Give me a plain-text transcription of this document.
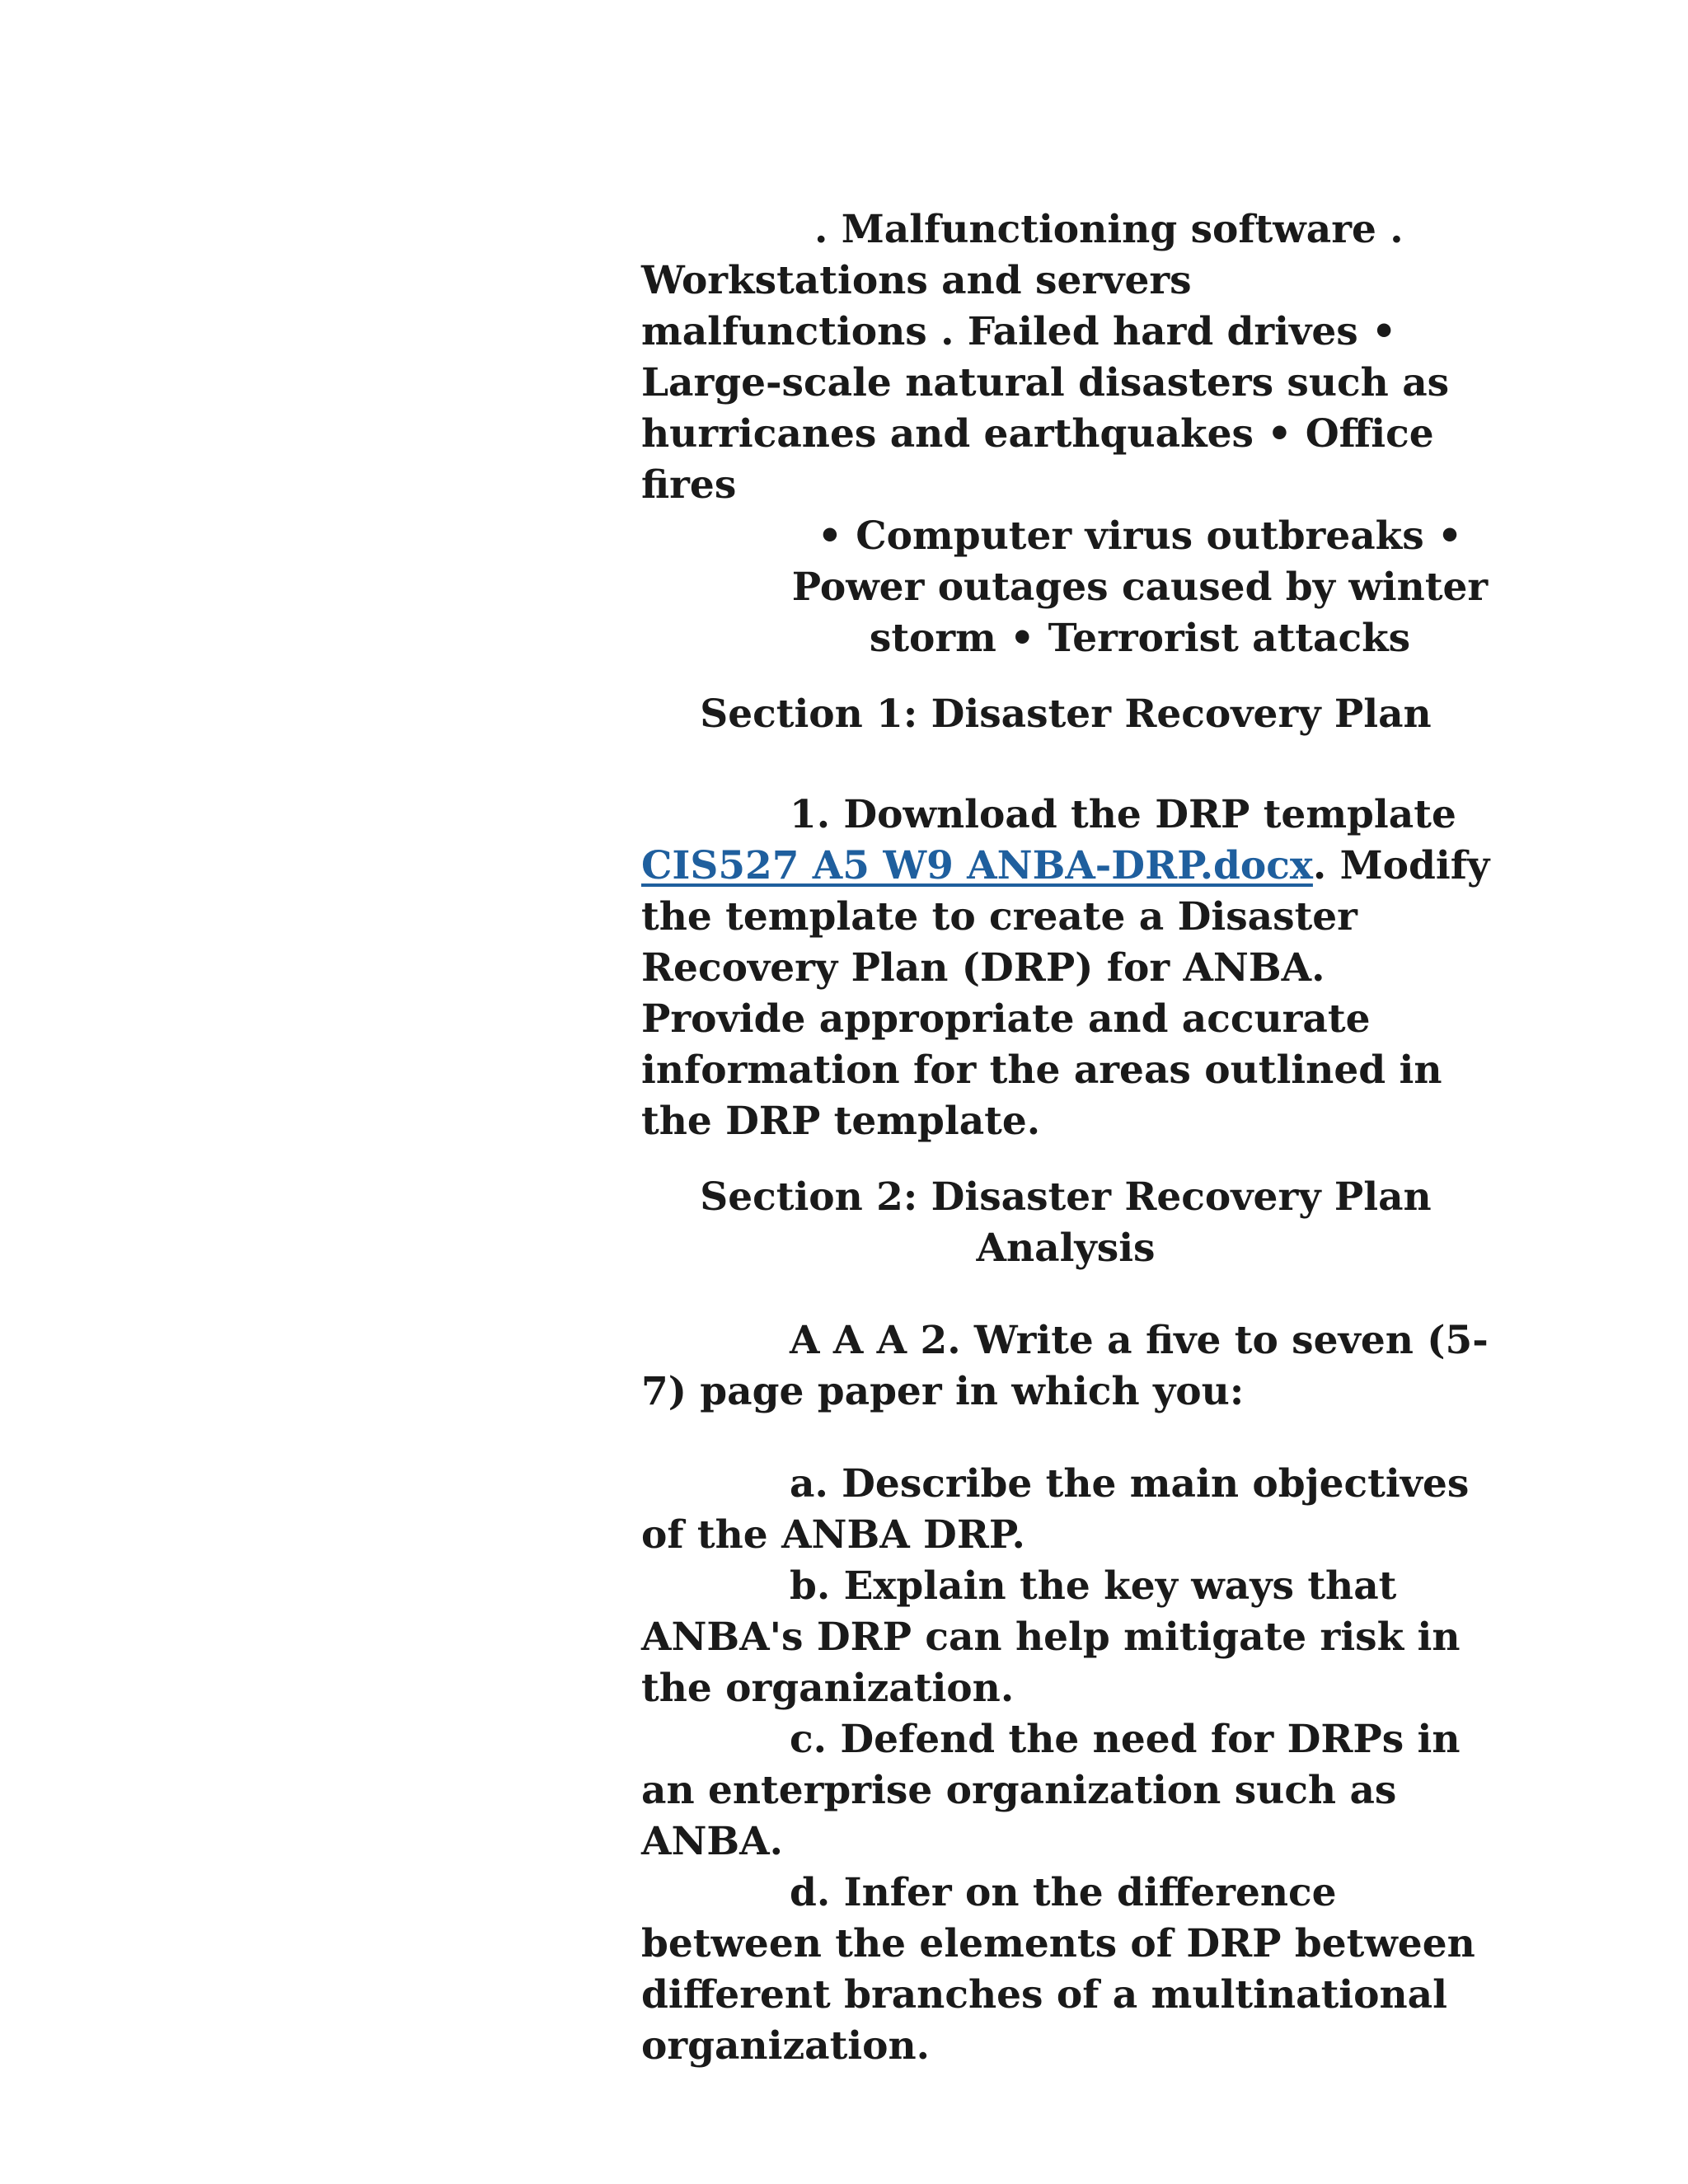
. Malfunctioning software . Workstations and servers malfunctions . Failed hard drives • Large-scale natural disasters such as hurricanes and earthquakes • Office fires

• Computer virus outbreaks • Power outages caused by winter storm • Terrorist attacks

Section 1: Disaster Recovery Plan

1. Download the DRP template CIS527 A5 W9 ANBA-DRP.docx. Modify the template to create a Disaster Recovery Plan (DRP) for ANBA. Provide appropriate and accurate information for the areas outlined in the DRP template.

Section 2: Disaster Recovery Plan Analysis

A A A 2. Write a five to seven (5-7) page paper in which you:

a. Describe the main objectives of the ANBA DRP.

b. Explain the key ways that ANBA's DRP can help mitigate risk in the organization.

c. Defend the need for DRPs in an enterprise organization such as ANBA.

d. Infer on the difference between the elements of DRP between different branches of a multinational organization.
